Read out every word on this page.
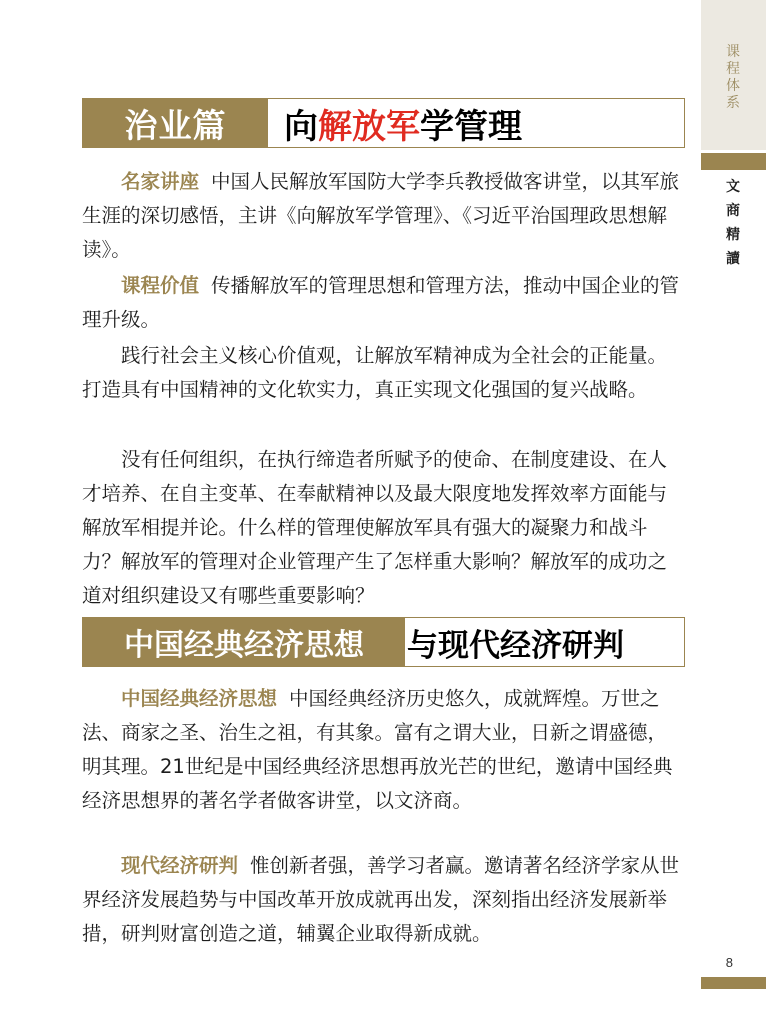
课程体系
文商精讀
治业篇	向 解放军 学管理

名家讲座 中国人民解放军国防大学李兵教授做客讲堂，以其军旅生涯的深切感悟，主讲《向解放军学管理》、《习近平治国理政思想解读》。

课程价值 传播解放军的管理思想和管理方法，推动中国企业的管理升级。

践行社会主义核心价值观，让解放军精神成为全社会的正能量。打造具有中国精神的文化软实力，真正实现文化强国的复兴战略。

没有任何组织，在执行缔造者所赋予的使命、在制度建设、在人才培养、在自主变革、在奉献精神以及最大限度地发挥效率方面能与解放军相提并论。什么样的管理使解放军具有强大的凝聚力和战斗力？解放军的管理对企业管理产生了怎样重大影响？解放军的成功之道对组织建设又有哪些重要影响？

中国经典经济思想	与现代经济研判

中国经典经济思想 中国经典经济历史悠久，成就辉煌。万世之法、商家之圣、治生之祖，有其象。富有之谓大业，日新之谓盛德，明其理。21世纪是中国经典经济思想再放光芒的世纪，邀请中国经典经济思想界的著名学者做客讲堂，以文济商。

现代经济研判 惟创新者强，善学习者赢。邀请著名经济学家从世界经济发展趋势与中国改革开放成就再出发，深刻指出经济发展新举措，研判财富创造之道，辅翼企业取得新成就。

8
